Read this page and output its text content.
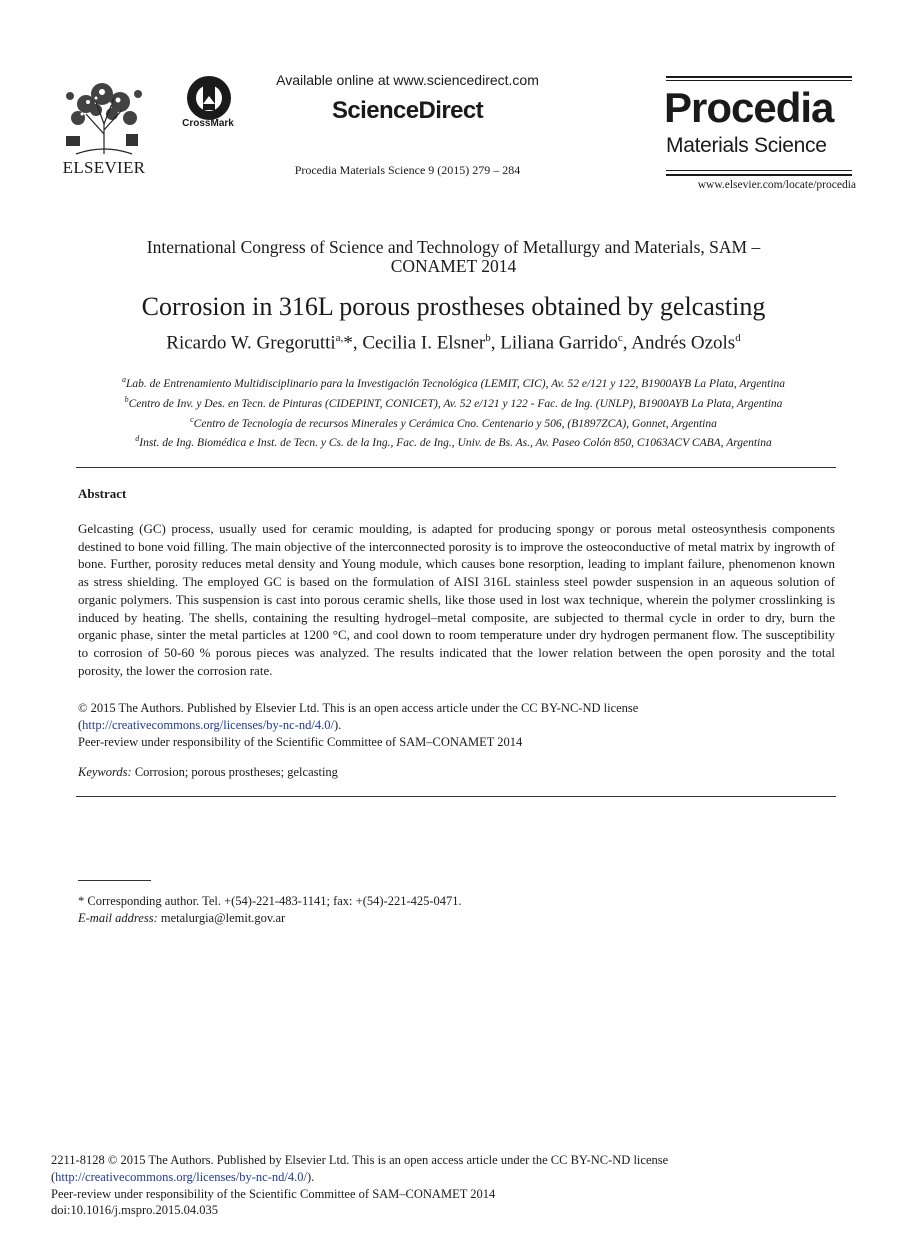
ELSEVIER
CrossMark
Available online at www.sciencedirect.com
ScienceDirect
Procedia Materials Science 9 (2015) 279 – 284
Procedia
Materials Science
www.elsevier.com/locate/procedia
International Congress of Science and Technology of Metallurgy and Materials, SAM –
CONAMET 2014
Corrosion in 316L porous prostheses obtained by gelcasting
Ricardo W. Gregorutti$^{a,}$*, Cecilia I. Elsner$^b$, Liliana Garrido$^c$, Andrés Ozols$^d$
$^a$Lab. de Entrenamiento Multidisciplinario para la Investigación Tecnológica (LEMIT, CIC), Av. 52 e/121 y 122, B1900AYB La Plata, Argentina
$^b$Centro de Inv. y Des. en Tecn. de Pinturas (CIDEPINT, CONICET), Av. 52 e/121 y 122 - Fac. de Ing. (UNLP), B1900AYB La Plata, Argentina
$^c$Centro de Tecnología de recursos Minerales y Cerámica Cno. Centenario y 506, (B1897ZCA), Gonnet, Argentina
$^d$Inst. de Ing. Biomédica e Inst. de Tecn. y Cs. de la Ing., Fac. de Ing., Univ. de Bs. As., Av. Paseo Colón 850, C1063ACV CABA, Argentina
Abstract
Gelcasting (GC) process, usually used for ceramic moulding, is adapted for producing spongy or porous metal osteosynthesis components destined to bone void filling. The main objective of the interconnected porosity is to improve the osteoconductive of metal matrix by ingrowth of bone. Further, porosity reduces metal density and Young module, which causes bone resorption, leading to implant failure, phenomenon known as stress shielding. The employed GC is based on the formulation of AISI 316L stainless steel powder suspension in an aqueous solution of organic polymers. This suspension is cast into porous ceramic shells, like those used in lost wax technique, wherein the polymer crosslinking is induced by heating. The shells, containing the resulting hydrogel–metal composite, are subjected to thermal cycle in order to dry, burn the organic phase, sinter the metal particles at 1200 °C, and cool down to room temperature under dry hydrogen permanent flow. The susceptibility to corrosion of 50-60 % porous pieces was analyzed. The results indicated that the lower relation between the open porosity and the total porosity, the lower the corrosion rate.
© 2015 The Authors. Published by Elsevier Ltd. This is an open access article under the CC BY-NC-ND license
(http://creativecommons.org/licenses/by-nc-nd/4.0/).
Peer-review under responsibility of the Scientific Committee of SAM–CONAMET 2014
Keywords: Corrosion; porous prostheses; gelcasting
* Corresponding author. Tel. +(54)-221-483-1141; fax: +(54)-221-425-0471.
E-mail address: metalurgia@lemit.gov.ar
2211-8128 © 2015 The Authors. Published by Elsevier Ltd. This is an open access article under the CC BY-NC-ND license
(http://creativecommons.org/licenses/by-nc-nd/4.0/).
Peer-review under responsibility of the Scientific Committee of SAM–CONAMET 2014
doi:10.1016/j.mspro.2015.04.035
